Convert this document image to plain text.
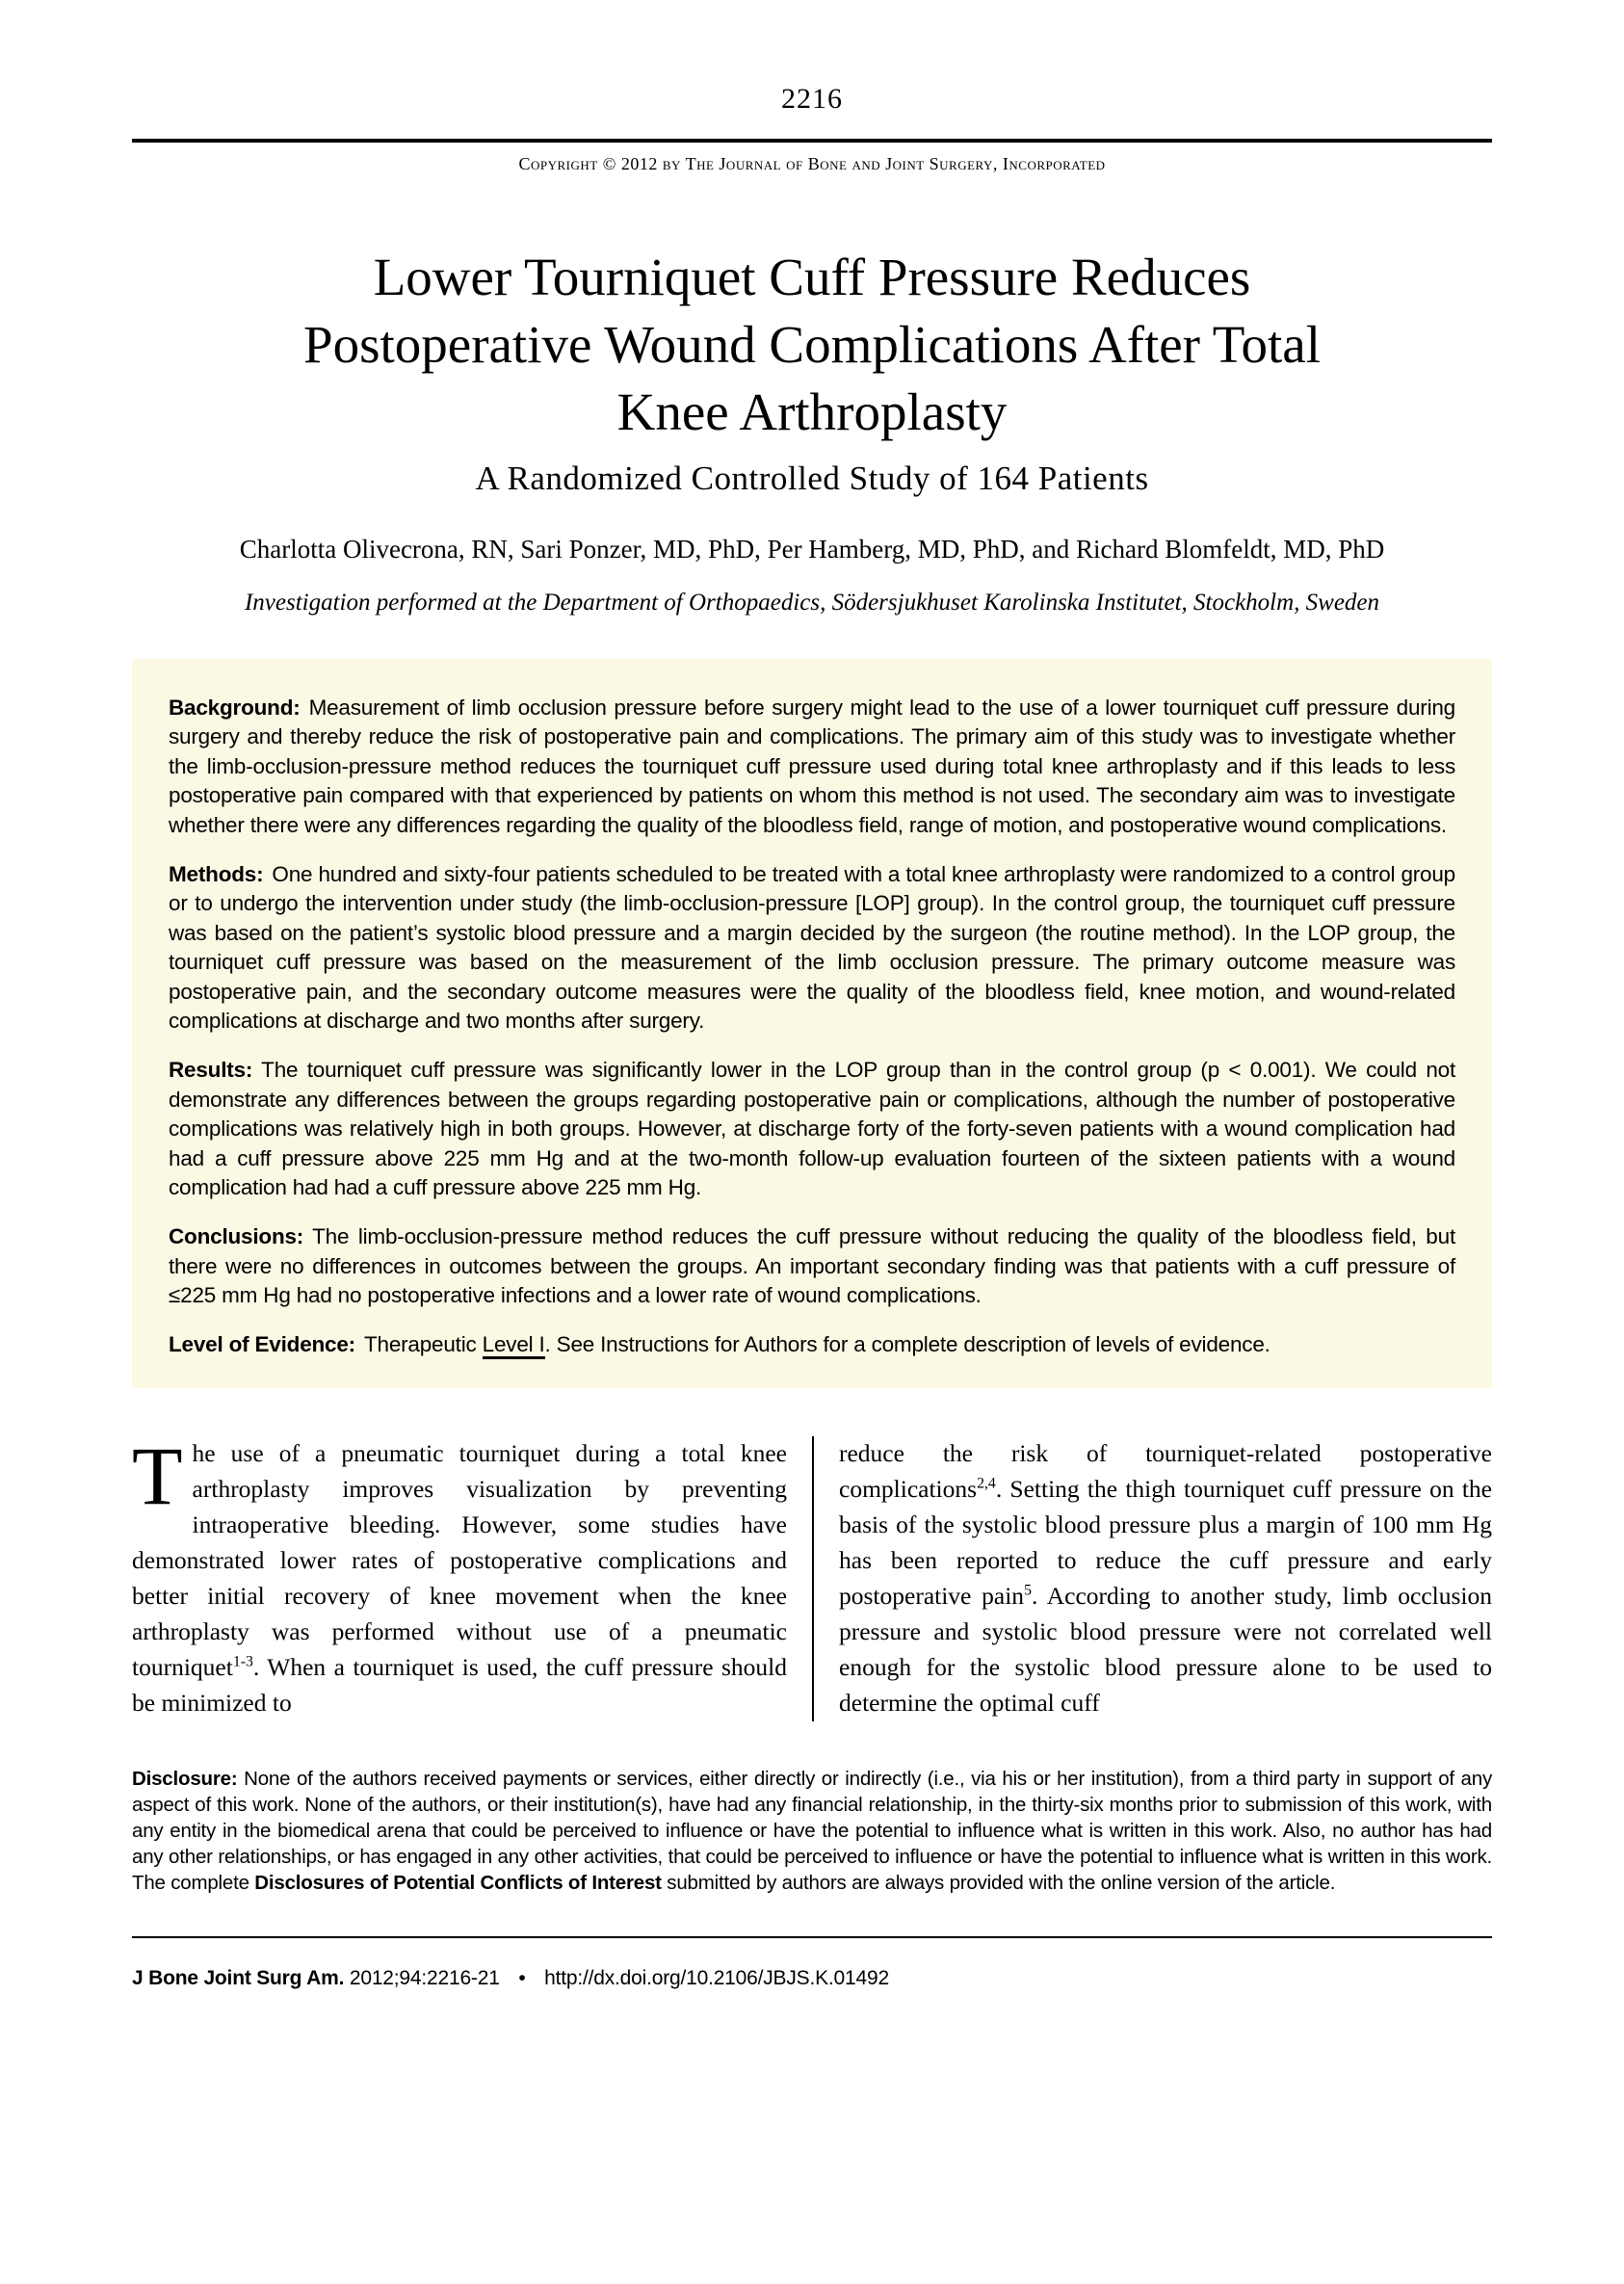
2216
Copyright © 2012 by The Journal of Bone and Joint Surgery, Incorporated
Lower Tourniquet Cuff Pressure Reduces Postoperative Wound Complications After Total Knee Arthroplasty
A Randomized Controlled Study of 164 Patients
Charlotta Olivecrona, RN, Sari Ponzer, MD, PhD, Per Hamberg, MD, PhD, and Richard Blomfeldt, MD, PhD
Investigation performed at the Department of Orthopaedics, Södersjukhuset Karolinska Institutet, Stockholm, Sweden

Background: Measurement of limb occlusion pressure before surgery might lead to the use of a lower tourniquet cuff pressure during surgery and thereby reduce the risk of postoperative pain and complications. The primary aim of this study was to investigate whether the limb-occlusion-pressure method reduces the tourniquet cuff pressure used during total knee arthroplasty and if this leads to less postoperative pain compared with that experienced by patients on whom this method is not used. The secondary aim was to investigate whether there were any differences regarding the quality of the bloodless field, range of motion, and postoperative wound complications.

Methods: One hundred and sixty-four patients scheduled to be treated with a total knee arthroplasty were randomized to a control group or to undergo the intervention under study (the limb-occlusion-pressure [LOP] group). In the control group, the tourniquet cuff pressure was based on the patient’s systolic blood pressure and a margin decided by the surgeon (the routine method). In the LOP group, the tourniquet cuff pressure was based on the measurement of the limb occlusion pressure. The primary outcome measure was postoperative pain, and the secondary outcome measures were the quality of the bloodless field, knee motion, and wound-related complications at discharge and two months after surgery.

Results: The tourniquet cuff pressure was significantly lower in the LOP group than in the control group (p < 0.001). We could not demonstrate any differences between the groups regarding postoperative pain or complications, although the number of postoperative complications was relatively high in both groups. However, at discharge forty of the forty-seven patients with a wound complication had had a cuff pressure above 225 mm Hg and at the two-month follow-up evaluation fourteen of the sixteen patients with a wound complication had had a cuff pressure above 225 mm Hg.

Conclusions: The limb-occlusion-pressure method reduces the cuff pressure without reducing the quality of the bloodless field, but there were no differences in outcomes between the groups. An important secondary finding was that patients with a cuff pressure of ≤225 mm Hg had no postoperative infections and a lower rate of wound complications.

Level of Evidence: Therapeutic Level I. See Instructions for Authors for a complete description of levels of evidence.

The use of a pneumatic tourniquet during a total knee arthroplasty improves visualization by preventing intraoperative bleeding. However, some studies have demonstrated lower rates of postoperative complications and better initial recovery of knee movement when the knee arthroplasty was performed without use of a pneumatic tourniquet$^{1-3}$. When a tourniquet is used, the cuff pressure should be minimized to

reduce the risk of tourniquet-related postoperative complications$^{2,4}$. Setting the thigh tourniquet cuff pressure on the basis of the systolic blood pressure plus a margin of 100 mm Hg has been reported to reduce the cuff pressure and early postoperative pain$^5$. According to another study, limb occlusion pressure and systolic blood pressure were not correlated well enough for the systolic blood pressure alone to be used to determine the optimal cuff

Disclosure: None of the authors received payments or services, either directly or indirectly (i.e., via his or her institution), from a third party in support of any aspect of this work. None of the authors, or their institution(s), have had any financial relationship, in the thirty-six months prior to submission of this work, with any entity in the biomedical arena that could be perceived to influence or have the potential to influence what is written in this work. Also, no author has had any other relationships, or has engaged in any other activities, that could be perceived to influence or have the potential to influence what is written in this work. The complete Disclosures of Potential Conflicts of Interest submitted by authors are always provided with the online version of the article.

J Bone Joint Surg Am. 2012;94:2216-21 • http://dx.doi.org/10.2106/JBJS.K.01492
